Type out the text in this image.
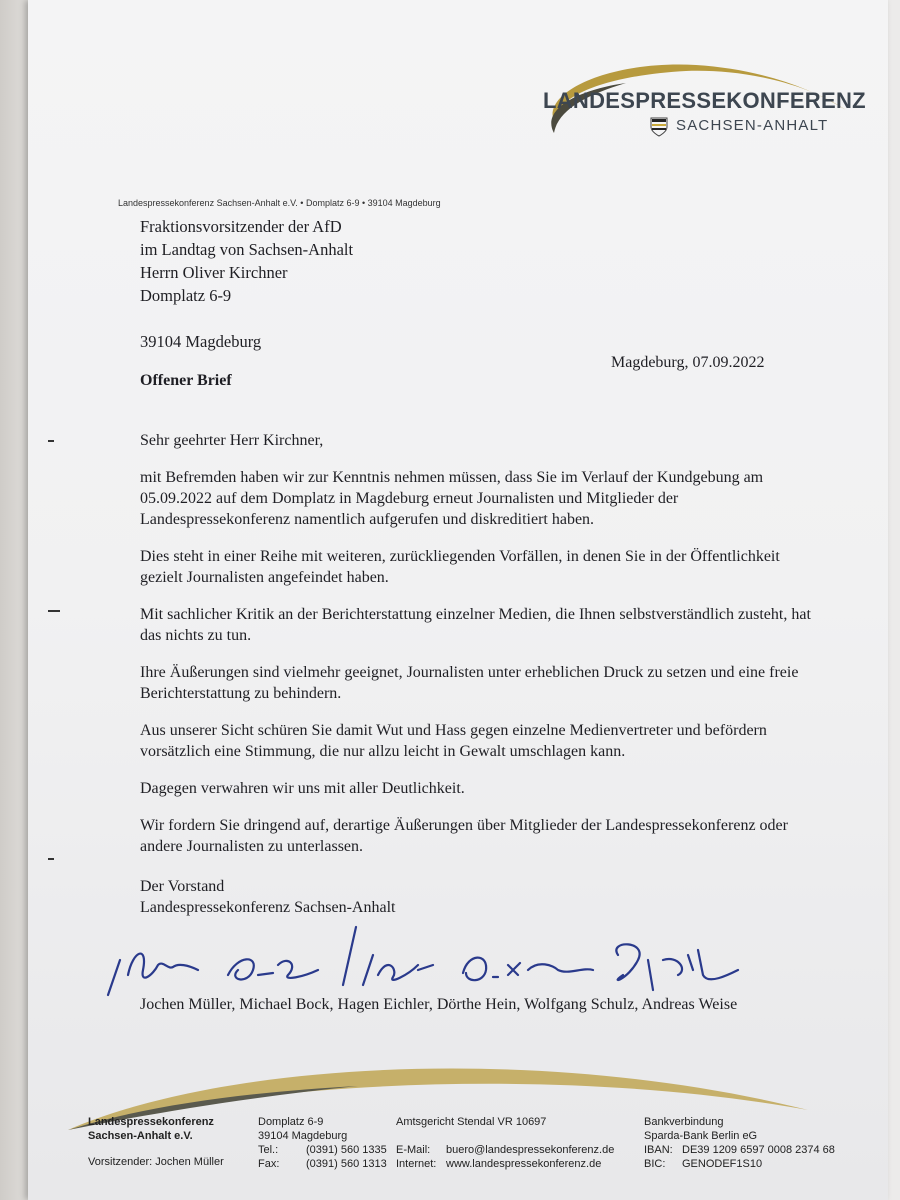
LANDESPRESSEKONFERENZ
SACHSEN-ANHALT
Landespressekonferenz Sachsen-Anhalt e.V. • Domplatz 6-9 • 39104 Magdeburg
Fraktionsvorsitzender der AfD
im Landtag von Sachsen-Anhalt
Herrn Oliver Kirchner
Domplatz 6-9
39104 Magdeburg
Magdeburg, 07.09.2022
Offener Brief

Sehr geehrter Herr Kirchner,

mit Befremden haben wir zur Kenntnis nehmen müssen, dass Sie im Verlauf der Kundgebung am 05.09.2022 auf dem Domplatz in Magdeburg erneut Journalisten und Mitglieder der Landespressekonferenz namentlich aufgerufen und diskreditiert haben.

Dies steht in einer Reihe mit weiteren, zurückliegenden Vorfällen, in denen Sie in der Öffentlichkeit gezielt Journalisten angefeindet haben.

Mit sachlicher Kritik an der Berichterstattung einzelner Medien, die Ihnen selbstverständlich zusteht, hat das nichts zu tun.

Ihre Äußerungen sind vielmehr geeignet, Journalisten unter erheblichen Druck zu setzen und eine freie Berichterstattung zu behindern.

Aus unserer Sicht schüren Sie damit Wut und Hass gegen einzelne Medienvertreter und befördern vorsätzlich eine Stimmung, die nur allzu leicht in Gewalt umschlagen kann.

Dagegen verwahren wir uns mit aller Deutlichkeit.

Wir fordern Sie dringend auf, derartige Äußerungen über Mitglieder der Landespressekonferenz oder andere Journalisten zu unterlassen.

Der Vorstand
Landespressekonferenz Sachsen-Anhalt
Jochen Müller, Michael Bock, Hagen Eichler, Dörthe Hein, Wolfgang Schulz, Andreas Weise
Landespressekonferenz
Sachsen-Anhalt e.V.
Vorsitzender: Jochen Müller
Domplatz 6-9
39104 Magdeburg
Tel.:	(0391) 560 1335
Fax:	(0391) 560 1313
Amtsgericht Stendal VR 10697
E-Mail:	buero@landespressekonferenz.de
Internet: www.landespressekonferenz.de
Bankverbindung
Sparda-Bank Berlin eG
IBAN: DE39 1209 6597 0008 2374 68
BIC:	GENODEF1S10
